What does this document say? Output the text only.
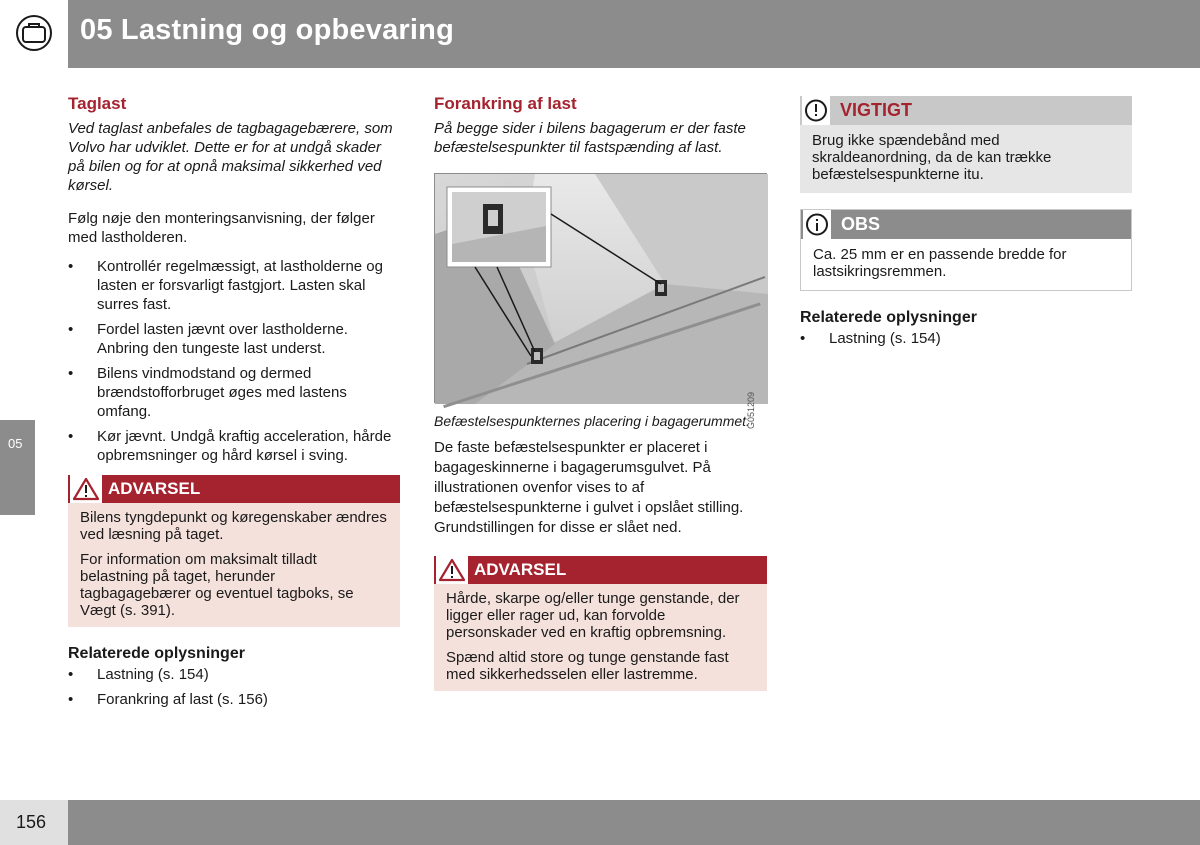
05 Lastning og opbevaring
05
Taglast

Ved taglast anbefales de tagbagagebærere, som Volvo har udviklet. Dette er for at undgå skader på bilen og for at opnå maksimal sikkerhed ved kørsel.

Følg nøje den monteringsanvisning, der følger med lastholderen.

• Kontrollér regelmæssigt, at lastholderne og lasten er forsvarligt fastgjort. Lasten skal surres fast.
• Fordel lasten jævnt over lastholderne. Anbring den tungeste last underst.
• Bilens vindmodstand og dermed brændstofforbruget øges med lastens omfang.
• Kør jævnt. Undgå kraftig acceleration, hårde opbremsninger og hård kørsel i sving.
ADVARSEL

Bilens tyngdepunkt og køregenskaber ændres ved læsning på taget.

For information om maksimalt tilladt belastning på taget, herunder tagbagagebærer og eventuel tagboks, se Vægt (s. 391).

Relaterede oplysninger
• Lastning (s. 154)
• Forankring af last (s. 156)
Forankring af last

På begge sider i bilens bagagerum er der faste befæstelsespunkter til fastspænding af last.

G051209

Befæstelsespunkternes placering i bagagerummet.

De faste befæstelsespunkter er placeret i bagageskinnerne i bagagerumsgulvet. På illustrationen ovenfor vises to af befæstelsespunkterne i gulvet i opslået stilling. Grundstillingen for disse er slået ned.

ADVARSEL

Hårde, skarpe og/eller tunge genstande, der ligger eller rager ud, kan forvolde personskader ved en kraftig opbremsning.

Spænd altid store og tunge genstande fast med sikkerhedsselen eller lastremme.

VIGTIGT

Brug ikke spændebånd med skraldeanordning, da de kan trække befæstelsespunkterne itu.

OBS

Ca. 25 mm er en passende bredde for lastsikringsremmen.

Relaterede oplysninger
• Lastning (s. 154)
156
